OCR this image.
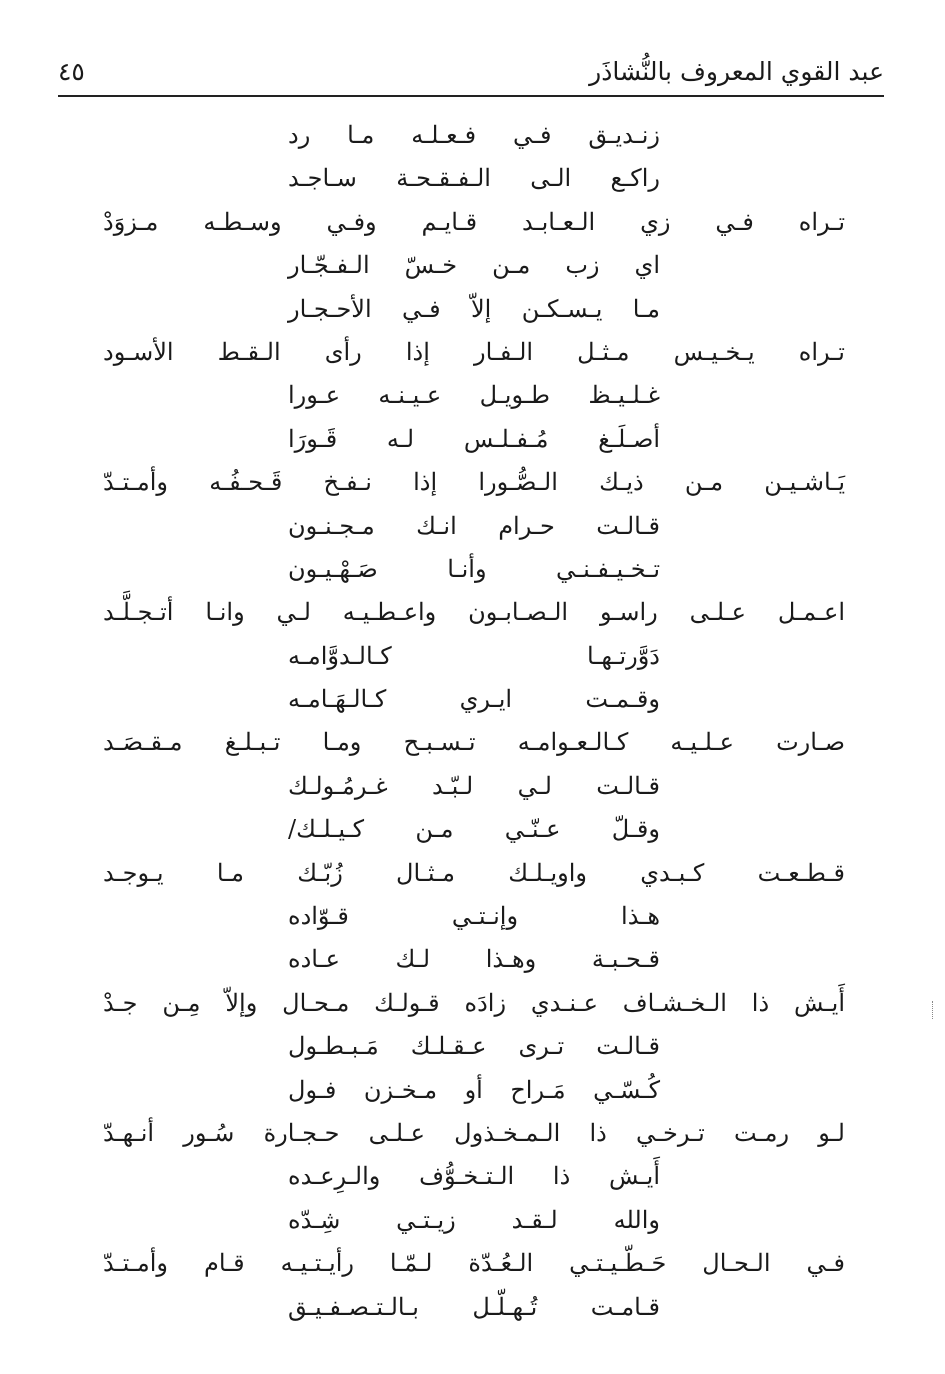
عبد القوي المعروف بالنُّشاذَر
٤٥
زنـديـق فـي فـعـلـه مـا رد
راكـع الـى الـفـقـحـة سـاجـد
تـراه فـي زي الـعـابـد قـايـم وفـي وسـطـه مـزوَدْ
اي زب مـن خـسّ الـفـجّـار
مـا يـسـكـن إلاّ فـي الأحـجـار
تـراه يـخـيـس مـثـل الـفـار إذا رأى الـقـط الأسـود
غـلـيـظ طـويـل عـيـنـه عـورا
أصـلَـغ مُـفـلـس لـه قَـورَا
يَـاشـيـن مـن ذيـك الـصُّـورا إذا نـفـخ قَـحـفُـه وأمـتـدّ
قـالـت حـرام انـك مـجـنـون
تـخـيـفـنـي وأنـا صَـهْـيـون
اعـمـل عـلـى راسـو الـصـابـون واعـطـيـه لـي وانـا أتـجـلَّـد
دَوَّرتـهـا كـالـدوَّامـه
وقـمـت ايـري كـالـهَـامـه
صـارت عـلـيـه كـالـعـوامـه تـسـبـح ومـا تـبـلـغ مـقـصَـد
قـالـت لـي لـبّـد غـرمُـولـك
وقـلّ عـنّـي مـن كـيـلـك/
قـطـعـت كـبـدي واويـلـك مـثـال زُبّـك مـا يـوجـد
هـذا وإنـتـي قـوّاده
قـحـبـة وهـذا لـك عـاده
أَيـش ذا الـخـشـاف عـنـدي زادَه قـولـك مـحـال وإلاّ مِـن جـدْ
قـالـت تـرى عـقـلـك مَـبـطـول
كُـسّـي مَـراح أو مـخـزن فـول
لـو رمـت تـرخـي ذا الـمـخـذول عـلـى حـجـارة سُـور أنـهـدّ
أَيـش ذا الـتـخـوُّف والـرِعـده
والله لـقـد زيـتـي شِـدّه
فـي الـحـال حَـطّـيـتـي الـعُـدّة لـمّـا رأيـتـيـه قـام وأمـتـدّ
قـامـت تُـهـلّـل بـالـتـصـفـيـق
